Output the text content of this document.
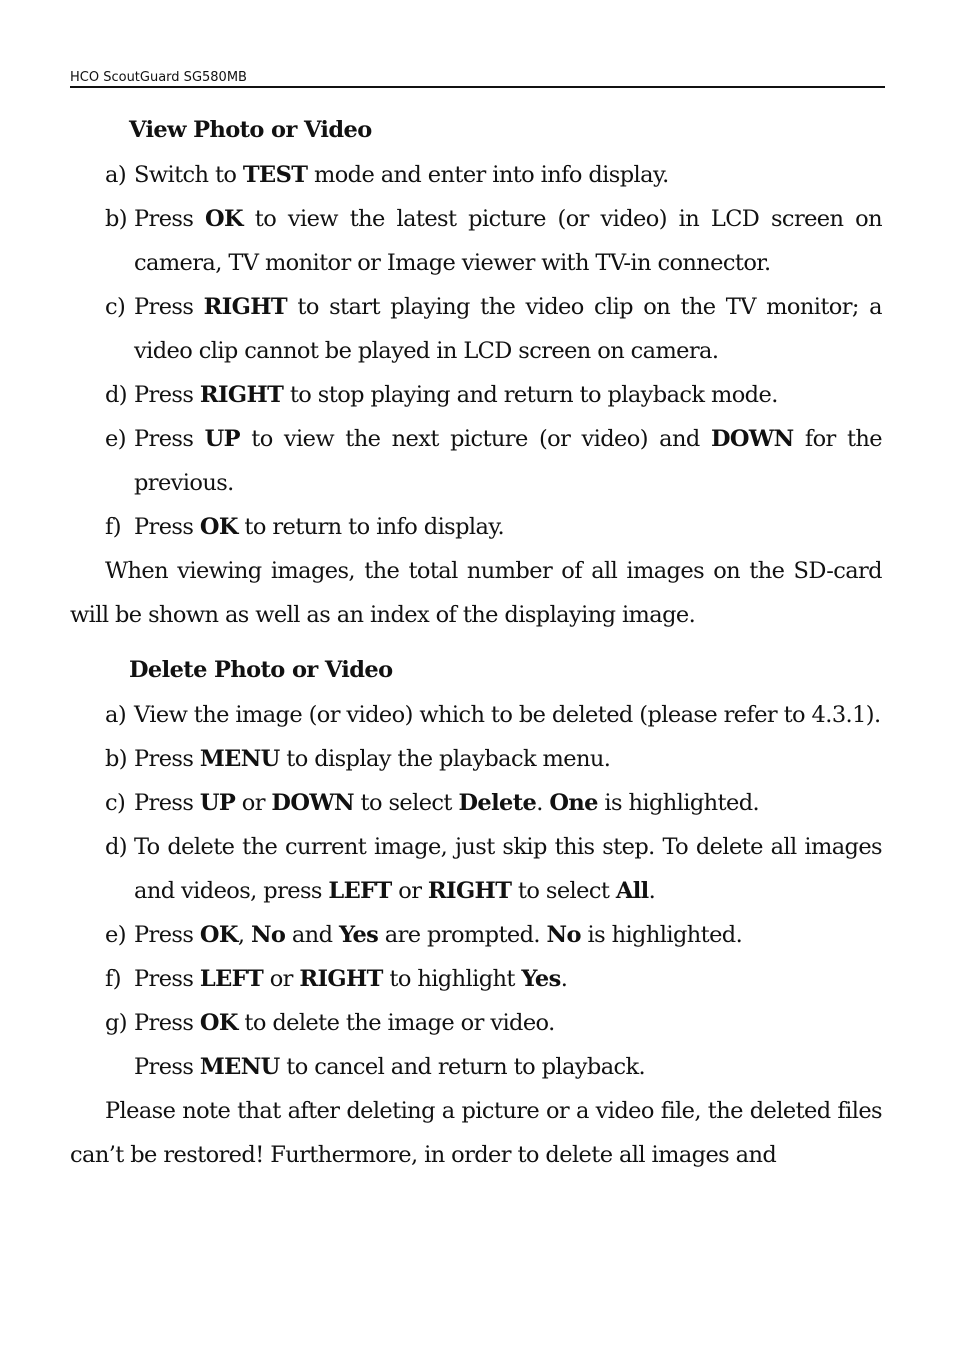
HCO ScoutGuard SG580MB
View Photo or Video
a) Switch to TEST mode and enter into info display.
b) Press OK to view the latest picture (or video) in LCD screen on camera, TV monitor or Image viewer with TV-in connector.
c) Press RIGHT to start playing the video clip on the TV monitor; a video clip cannot be played in LCD screen on camera.
d) Press RIGHT to stop playing and return to playback mode.
e) Press UP to view the next picture (or video) and DOWN for the previous.
f) Press OK to return to info display.
When viewing images, the total number of all images on the SD-card will be shown as well as an index of the displaying image.
Delete Photo or Video
a) View the image (or video) which to be deleted (please refer to 4.3.1).
b) Press MENU to display the playback menu.
c) Press UP or DOWN to select Delete. One is highlighted.
d) To delete the current image, just skip this step. To delete all images and videos, press LEFT or RIGHT to select All.
e) Press OK, No and Yes are prompted. No is highlighted.
f) Press LEFT or RIGHT to highlight Yes.
g) Press OK to delete the image or video.
Press MENU to cancel and return to playback.
Please note that after deleting a picture or a video file, the deleted files can’t be restored! Furthermore, in order to delete all images and
